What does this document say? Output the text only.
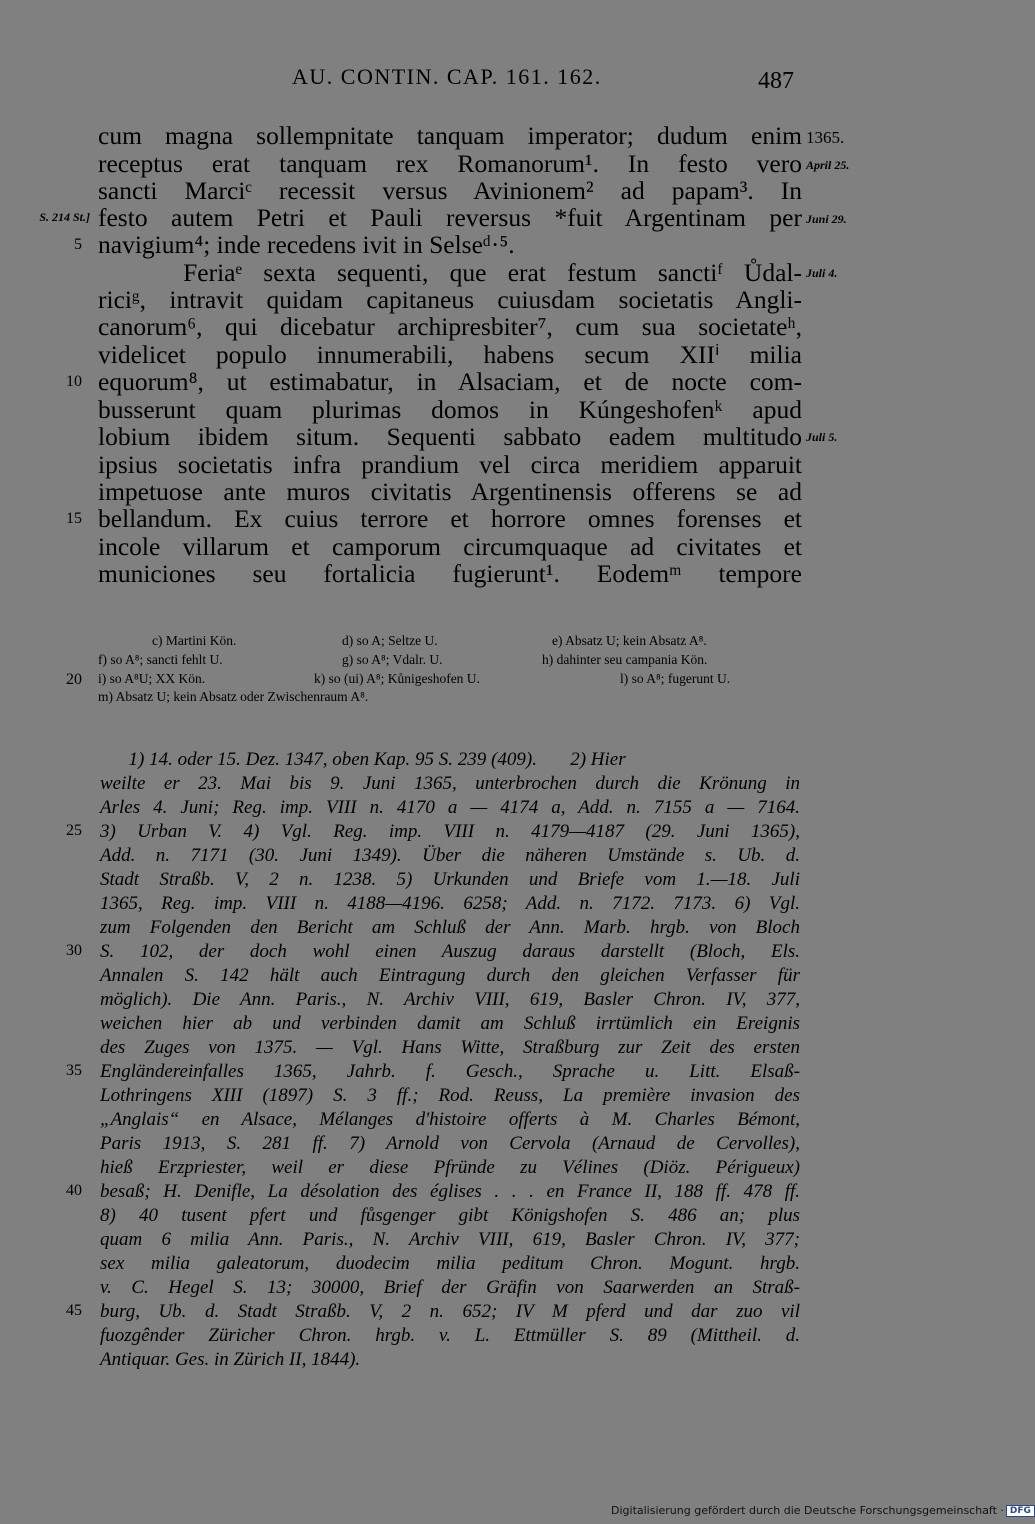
AU. CONTIN. CAP. 161. 162.	487
cum magna sollempnitate tanquam imperator; dudum enim
receptus erat tanquam rex Romanorum¹. In festo vero
sancti Marciᶜ recessit versus Avinionem² ad papam³. In
festo autem Petri et Pauli reversus *fuit Argentinam per
navigium⁴; inde recedens ivit in Selseᵈ·⁵.
Feriaᵉ sexta sequenti, que erat festum sanctiᶠ Ůdal-
riciᵍ, intravit quidam capitaneus cuiusdam societatis Angli-
canorum⁶, qui dicebatur archipresbiter⁷, cum sua societateʰ,
videlicet populo innumerabili, habens secum XIIⁱ milia
equorum⁸, ut estimabatur, in Alsaciam, et de nocte com-
busserunt quam plurimas domos in Kúngeshofenᵏ apud
lobium ibidem situm. Sequenti sabbato eadem multitudo
ipsius societatis infra prandium vel circa meridiem apparuit
impetuose ante muros civitatis Argentinensis offerens se ad
bellandum. Ex cuius terrore et horrore omnes forenses et
incole villarum et camporum circumquaque ad civitates et
municiones seu fortalicia fugierunt¹. Eodemᵐ tempore
1365.
April 25.
Juni 29.
Juli 4.
Juli 5.
S. 214 St.]
5
10
15
c) Martini Kön.	d) so A; Seltze U.	e) Absatz U; kein Absatz A⁸.
f) so A⁸; sancti fehlt U.	g) so A⁸; Vdalr. U.	h) dahinter seu campania Kön.
20 i) so A⁸U; XX Kön.	k) so (ui) A⁸; Kůnigeshofen U.	l) so A⁸; fugerunt U.
m) Absatz U; kein Absatz oder Zwischenraum A⁸.
1) 14. oder 15. Dez. 1347, oben Kap. 95 S. 239 (409).       2) Hier
weilte er 23. Mai bis 9. Juni 1365, unterbrochen durch die Krönung in
Arles 4. Juni; Reg. imp. VIII n. 4170 a — 4174 a, Add. n. 7155 a — 7164.
3) Urban V. 4) Vgl. Reg. imp. VIII n. 4179—4187 (29. Juni 1365),
Add. n. 7171 (30. Juni 1349). Über die näheren Umstände s. Ub. d.
Stadt Straßb. V, 2 n. 1238. 5) Urkunden und Briefe vom 1.—18. Juli
1365, Reg. imp. VIII n. 4188—4196. 6258; Add. n. 7172. 7173. 6) Vgl.
zum Folgenden den Bericht am Schluß der Ann. Marb. hrgb. von Bloch
S. 102, der doch wohl einen Auszug daraus darstellt (Bloch, Els.
Annalen S. 142 hält auch Eintragung durch den gleichen Verfasser für
möglich). Die Ann. Paris., N. Archiv VIII, 619, Basler Chron. IV, 377,
weichen hier ab und verbinden damit am Schluß irrtümlich ein Ereignis
des Zuges von 1375. — Vgl. Hans Witte, Straßburg zur Zeit des ersten
Engländereinfalles 1365, Jahrb. f. Gesch., Sprache u. Litt. Elsaß-
Lothringens XIII (1897) S. 3 ff.; Rod. Reuss, La première invasion des
„Anglais“ en Alsace, Mélanges d'histoire offerts à M. Charles Bémont,
Paris 1913, S. 281 ff. 7) Arnold von Cervola (Arnaud de Cervolles),
hieß Erzpriester, weil er diese Pfründe zu Vélines (Diöz. Périgueux)
besaß; H. Denifle, La désolation des églises . . . en France II, 188 ff. 478 ff.
8) 40 tusent pfert und fůsgenger gibt Königshofen S. 486 an; plus
quam 6 milia Ann. Paris., N. Archiv VIII, 619, Basler Chron. IV, 377;
sex milia galeatorum, duodecim milia peditum Chron. Mogunt. hrgb.
v. C. Hegel S. 13; 30000, Brief der Gräfin von Saarwerden an Straß-
burg, Ub. d. Stadt Straßb. V, 2 n. 652; IV M pferd und dar zuo vil
fuozgênder Züricher Chron. hrgb. v. L. Ettmüller S. 89 (Mittheil. d.
Antiquar. Ges. in Zürich II, 1844).
25
30
35
40
45
Digitalisierung gefördert durch die Deutsche Forschungsgemeinschaft · DFG
